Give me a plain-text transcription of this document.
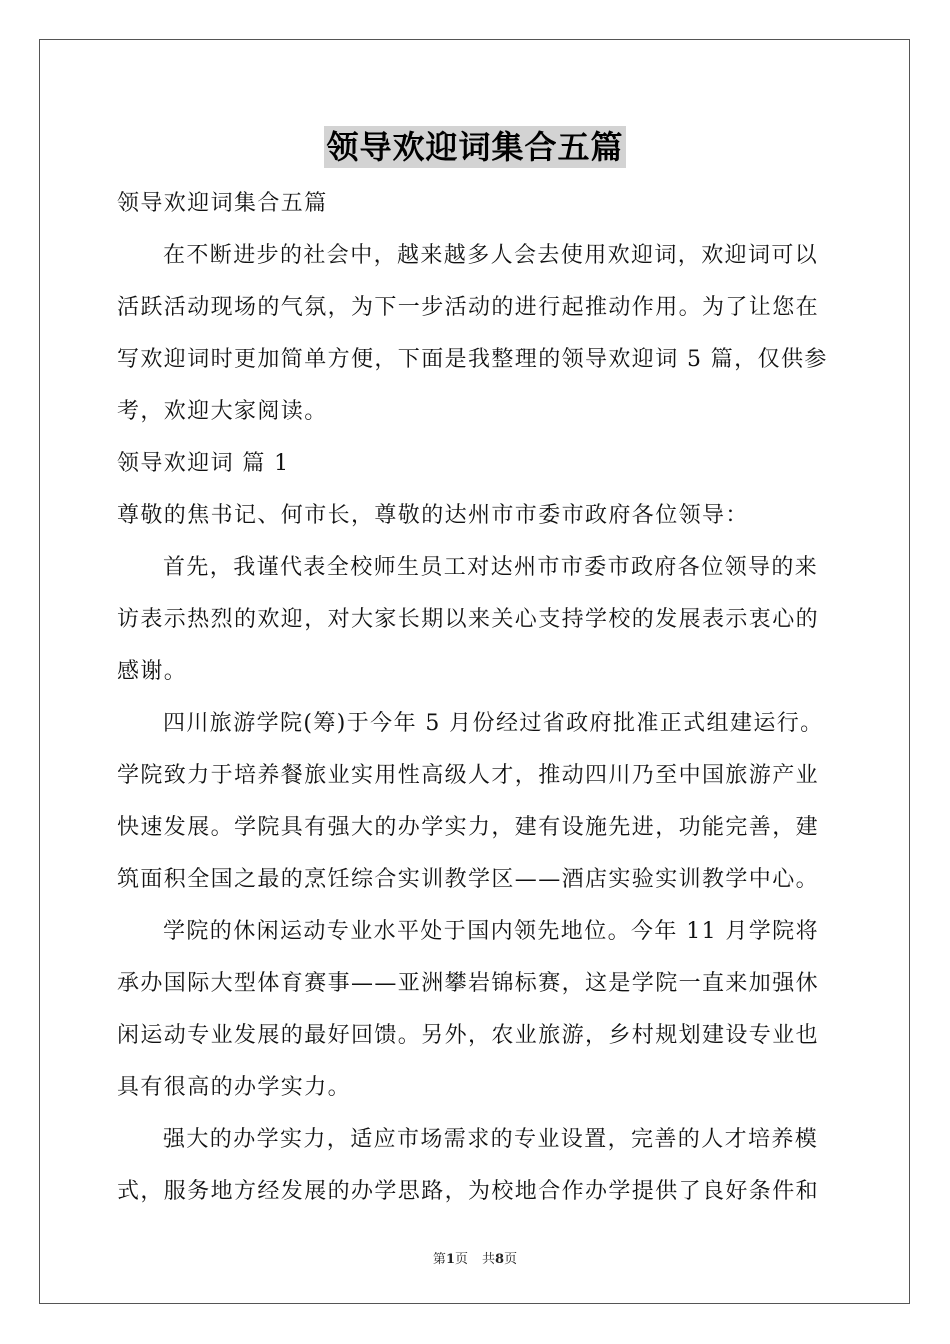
领导欢迎词集合五篇
领导欢迎词集合五篇
在不断进步的社会中，越来越多人会去使用欢迎词，欢迎词可以
活跃活动现场的气氛，为下一步活动的进行起推动作用。为了让您在
写欢迎词时更加简单方便，下面是我整理的领导欢迎词 5 篇，仅供参
考，欢迎大家阅读。
领导欢迎词 篇 1
尊敬的焦书记、何市长，尊敬的达州市市委市政府各位领导：
首先，我谨代表全校师生员工对达州市市委市政府各位领导的来
访表示热烈的欢迎，对大家长期以来关心支持学校的发展表示衷心的
感谢。
四川旅游学院(筹)于今年 5 月份经过省政府批准正式组建运行。
学院致力于培养餐旅业实用性高级人才，推动四川乃至中国旅游产业
快速发展。学院具有强大的办学实力，建有设施先进，功能完善，建
筑面积全国之最的烹饪综合实训教学区——酒店实验实训教学中心。
学院的休闲运动专业水平处于国内领先地位。今年 11 月学院将
承办国际大型体育赛事——亚洲攀岩锦标赛，这是学院一直来加强休
闲运动专业发展的最好回馈。另外，农业旅游，乡村规划建设专业也
具有很高的办学实力。
强大的办学实力，适应市场需求的专业设置，完善的人才培养模
式，服务地方经发展的办学思路，为校地合作办学提供了良好条件和
第1页 共8页
